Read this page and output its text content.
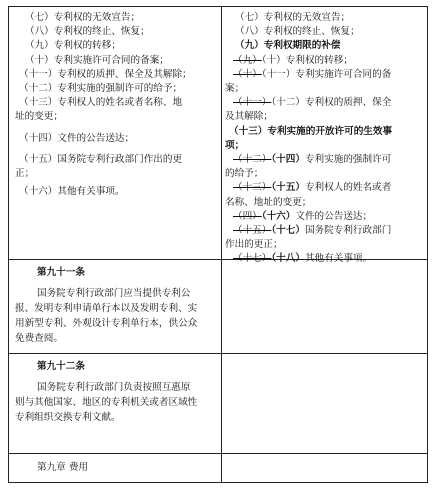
（七）专利权的无效宣告；
（八）专利权的终止、恢复；
（九）专利权的转移；
（十）专利实施许可合同的备案；
（十一）专利权的质押、保全及其解除；
（十二）专利实施的强制许可的给予；
（十三）专利权人的姓名或者名称、地
址的变更；
（十四）文件的公告送达；
（十五）国务院专利行政部门作出的更
正；
（十六）其他有关事项。
（七）专利权的无效宣告；
（八）专利权的终止、恢复；
（九）专利权期限的补偿
（九）（十）专利权的转移；
（十）（十一）专利实施许可合同的备
案；
（十一）（十二）专利权的质押、保全
及其解除；
（十三）专利实施的开放许可的生效事
项；
（十二）（十四）专利实施的强制许可
的给予；
（十三）（十五）专利权人的姓名或者
名称、地址的变更；
（四）（十六）文件的公告送达；
（十五）（十七）国务院专利行政部门
作出的更正；
（十七）（十八）其他有关事项。
第九十一条
国务院专利行政部门应当提供专利公
报、发明专利申请单行本以及发明专利、实
用新型专利、外观设计专利单行本，供公众
免费查阅。
第九十二条
国务院专利行政部门负责按照互惠原
则与其他国家、地区的专利机关或者区域性
专利组织交换专利文献。
第九章 费用
